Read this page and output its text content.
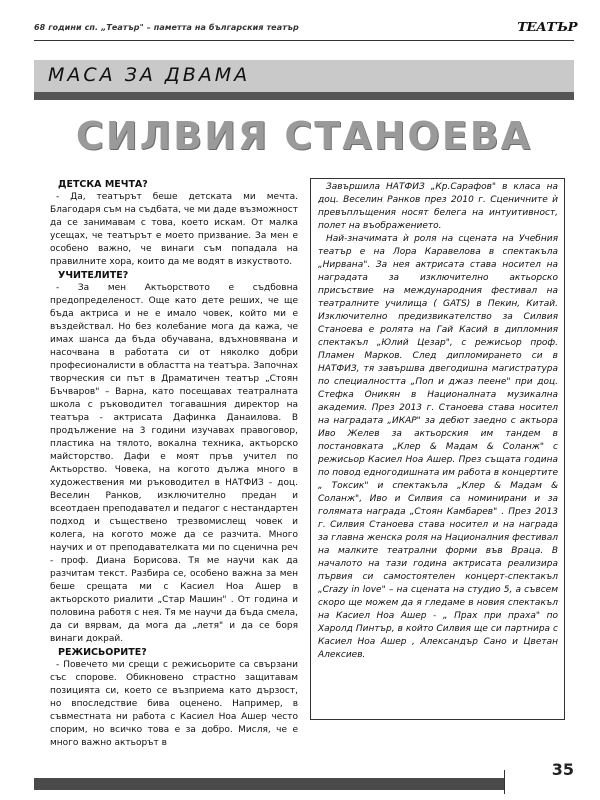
68 години сп. „Театър" – паметта на българския театър	ТЕАТЪР
МАСА ЗА ДВАМА
СИЛВИЯ СТАНОЕВА

ДЕТСКА МЕЧТА?

- Да, театърът беше детската ми мечта. Благодаря съм на съдбата, че ми даде възможност да се занимавам с това, което искам. От малка усещах, че театърът е моето призвание. За мен е особено важно, че винаги съм попадала на правилните хора, които да ме водят в изкуството.

УЧИТЕЛИТЕ?

- За мен Актьорството е съдбовна предопределеност. Още като дете реших, че ще бъда актриса и не е имало човек, който ми е въздействал. Но без колебание мога да кажа, че имах шанса да бъда обучавана, вдъхновявана и насочвана в работата си от няколко добри професионалисти в областта на театъра. Започнах творческия си път в Драматичен театър „Стоян Бъчваров" – Варна, като посещавах театралната школа с ръководител тогавашния директор на театъра - актрисата Дафинка Данаилова. В продължение на 3 години изучавах правоговор, пластика на тялото, вокална техника, актьорско майсторство. Дафи е моят пръв учител по Актьорство. Човека, на когото дължа много в художествения ми ръководител в НАТФИЗ - доц. Веселин Ранков, изключително предан и всеотдаен преподавател и педагог с нестандартен подход и съществено трезвомислещ човек и колега, на когото може да се разчита. Много научих и от преподавателката ми по сценична реч - проф. Диана Борисова. Тя ме научи как да разчитам текст. Разбира се, особено важна за мен беше срещата ми с Касиел Ноа Ашер в актьорското риалити „Стар Машин" . От година и половина работя с нея. Тя ме научи да бъда смела, да си вярвам, да мога да „летя" и да се боря винаги докрай.

РЕЖИСЬОРИТЕ?

- Повечето ми срещи с режисьорите са свързани със спорове. Обикновено страстно защитавам позицията си, което се възприема като дързост, но впоследствие бива оценено. Например, в съвместната ни работа с Касиел Ноа Ашер често спорим, но всичко това е за добро. Мисля, че е много важно актьорът в

Завършила НАТФИЗ „Кр.Сарафов" в класа на доц. Веселин Ранков през 2010 г. Сценичните ѝ превъплъщения носят белега на интуитивност, полет на въображението.

Най-значимата ѝ роля на сцената на Учебния театър е на Лора Каравелова в спектакъла „Нирвана". За нея актрисата става носител на наградата за изключително актьорско присъствие на международния фестивал на театралните училища ( GATS) в Пекин, Китай. Изключително предизвикателство за Силвия Станоева е ролята на Гай Касий в дипломния спектакъл „Юлий Цезар", с режисьор проф. Пламен Марков. След дипломирането си в НАТФИЗ, тя завършва двегодишна магистратура по специалността „Поп и джаз пеене" при доц. Стефка Оникян в Националната музикална академия. През 2013 г. Станоева става носител на наградата „ИКАР" за дебют заедно с актьора Иво Желев за актьорския им тандем в постановката „Клер & Мадам & Соланж" с режисьор Касиел Ноа Ашер. През същата година по повод едногодишната им работа в концертите „ Токсик" и спектакъла „Клер & Мадам & Соланж", Иво и Силвия са номинирани и за голямата награда „Стоян Камбарев" . През 2013 г. Силвия Станоева става носител и на награда за главна женска роля на Националния фестивал на малките театрални форми във Враца. В началото на тази година актрисата реализира първия си самостоятелен концерт-спектакъл „Crazy in love" – на сцената на студио 5, а съвсем скоро ще можем да я гледаме в новия спектакъл на Касиел Ноа Ашер - „ Прах при праха" по Харолд Пинтър, в който Силвия ще си партнира с Касиел Ноа Ашер , Александър Сано и Цветан Алексиев.

35
